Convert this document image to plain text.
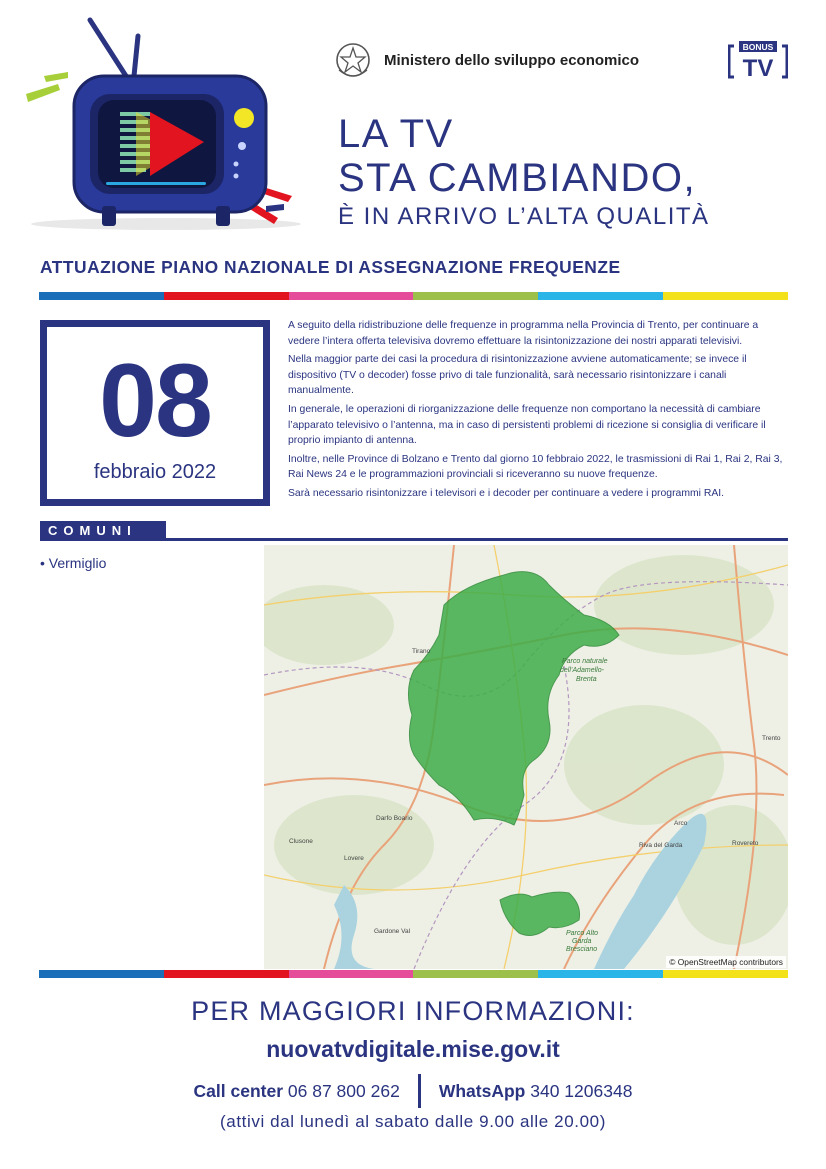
Ministero dello sviluppo economico
BONUS
TV
LA TV
STA CAMBIANDO,
È IN ARRIVO L’ALTA QUALITÀ
ATTUAZIONE PIANO NAZIONALE DI ASSEGNAZIONE FREQUENZE
08
febbraio 2022

A seguito della ridistribuzione delle frequenze in programma nella Provincia di Trento, per continuare a vedere l’intera offerta televisiva dovremo effettuare la risintonizzazione dei nostri apparati televisivi.

Nella maggior parte dei casi la procedura di risintonizzazione avviene automaticamente; se invece il dispositivo (TV o decoder) fosse privo di tale funzionalità, sarà necessario risintonizzare i canali manualmente.

In generale, le operazioni di riorganizzazione delle frequenze non comportano la necessità di cambiare l’apparato televisivo o l’antenna, ma in caso di persistenti problemi di ricezione si consiglia di verificare il proprio impianto di antenna.

Inoltre, nelle Province di Bolzano e Trento dal giorno 10 febbraio 2022, le trasmissioni di Rai 1, Rai 2, Rai 3, Rai News 24 e le programmazioni provinciali si riceveranno su nuove frequenze.

Sarà necessario risintonizzare i televisori e i decoder per continuare a vedere i programmi RAI.

COMUNI
• Vermiglio
Parco naturale
dell’Adamello-
Brenta
Parco Alto
Garda
Bresciano
Trento
Tirano
Arco
Riva del Garda
Darfo Boario
Clusone
Gardone Val
Lovere
Rovereto
© OpenStreetMap contributors
PER MAGGIORI INFORMAZIONI:
nuovatvdigitale.mise.gov.it
Call center
06 87 800 262 WhatsApp
340 1206348
(attivi dal lunedì al sabato dalle 9.00 alle 20.00)
